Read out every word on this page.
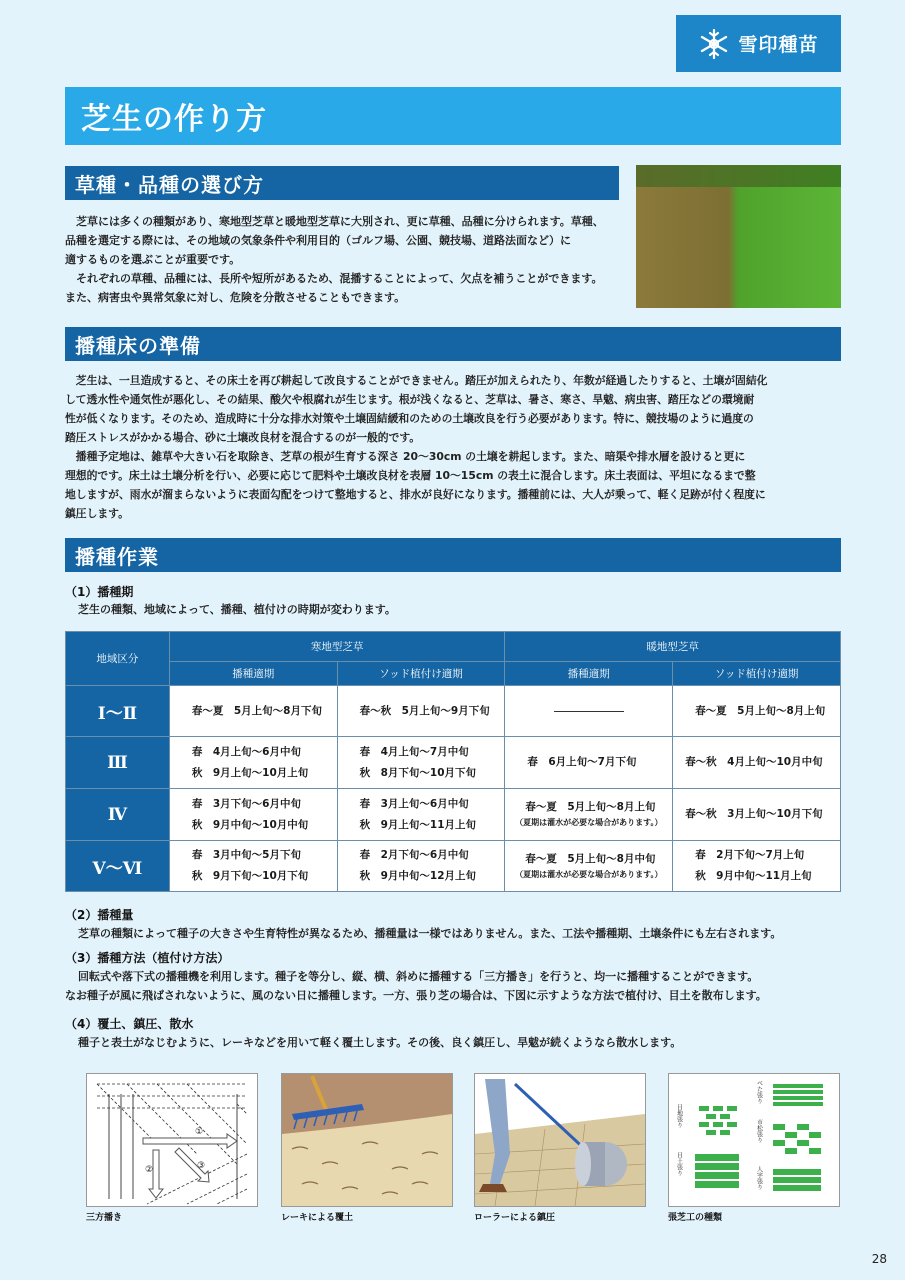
雪印種苗
芝生の作り方
草種・品種の選び方

芝草には多くの種類があり、寒地型芝草と暖地型芝草に大別され、更に草種、品種に分けられます。草種、

品種を選定する際には、その地域の気象条件や利用目的（ゴルフ場、公園、競技場、道路法面など）に

適するものを選ぶことが重要です。

それぞれの草種、品種には、長所や短所があるため、混播することによって、欠点を補うことができます。

また、病害虫や異常気象に対し、危険を分散させることもできます。

播種床の準備

芝生は、一旦造成すると、その床土を再び耕起して改良することができません。踏圧が加えられたり、年数が経過したりすると、土壌が固結化

して透水性や通気性が悪化し、その結果、酸欠や根腐れが生じます。根が浅くなると、芝草は、暑さ、寒さ、旱魃、病虫害、踏圧などの環境耐

性が低くなります。そのため、造成時に十分な排水対策や土壌固結緩和のための土壌改良を行う必要があります。特に、競技場のように過度の

踏圧ストレスがかかる場合、砂に土壌改良材を混合するのが一般的です。

播種予定地は、雑草や大きい石を取除き、芝草の根が生育する深さ 20～30cm の土壌を耕起します。また、暗渠や排水層を設けると更に

理想的です。床土は土壌分析を行い、必要に応じて肥料や土壌改良材を表層 10～15cm の表土に混合します。床土表面は、平坦になるまで整

地しますが、雨水が溜まらないように表面勾配をつけて整地すると、排水が良好になります。播種前には、大人が乗って、軽く足跡が付く程度に

鎮圧します。

播種作業
（1）播種期
芝生の種類、地域によって、播種、植付けの時期が変わります。
地域区分	寒地型芝草		暖地型芝草	
	播種適期	ソッド植付け適期	播種適期	ソッド植付け適期
Ⅰ～Ⅱ	春～夏　5月上旬～8月下旬	春～秋　5月上旬～9月下旬		春～夏　5月上旬～8月上旬

Ⅲ	春　4月上旬～6月中旬
秋　9月上旬～10月上旬	春　4月上旬～7月中旬
秋　8月下旬～10月下旬	春　6月上旬～7月下旬	春～秋　4月上旬～10月中旬

Ⅳ	春　3月下旬～6月中旬
秋　9月中旬～10月中旬	春　3月上旬～6月中旬
秋　9月上旬～11月上旬	春～夏　5月上旬～8月上旬
（夏期は灌水が必要な場合があります。）	春～秋　3月上旬～10月下旬

Ⅴ～Ⅵ	春　3月中旬～5月下旬
秋　9月下旬～10月下旬	春　2月下旬～6月中旬
秋　9月中旬～12月上旬	春～夏　5月上旬～8月中旬
（夏期は灌水が必要な場合があります。）	春　2月下旬～7月上旬
秋　9月中旬～11月上旬
（2）播種量
芝草の種類によって種子の大きさや生育特性が異なるため、播種量は一様ではありません。また、工法や播種期、土壌条件にも左右されます。
（3）播種方法（植付け方法）
回転式や落下式の播種機を利用します。種子を等分し、縦、横、斜めに播種する「三方播き」を行うと、均一に播種することができます。
なお種子が風に飛ばされないように、風のない日に播種します。一方、張り芝の場合は、下図に示すような方法で植付け、目土を散布します。
（4）覆土、鎮圧、散水
種子と表土がなじむように、レーキなどを用いて軽く覆土します。その後、良く鎮圧し、旱魃が続くようなら散水します。
①
②	③
三方播き	レーキによる覆土	ローラーによる鎮圧
目地張り
市松張り
目土張り
べた張り
人字張り
張芝工の種類
28
